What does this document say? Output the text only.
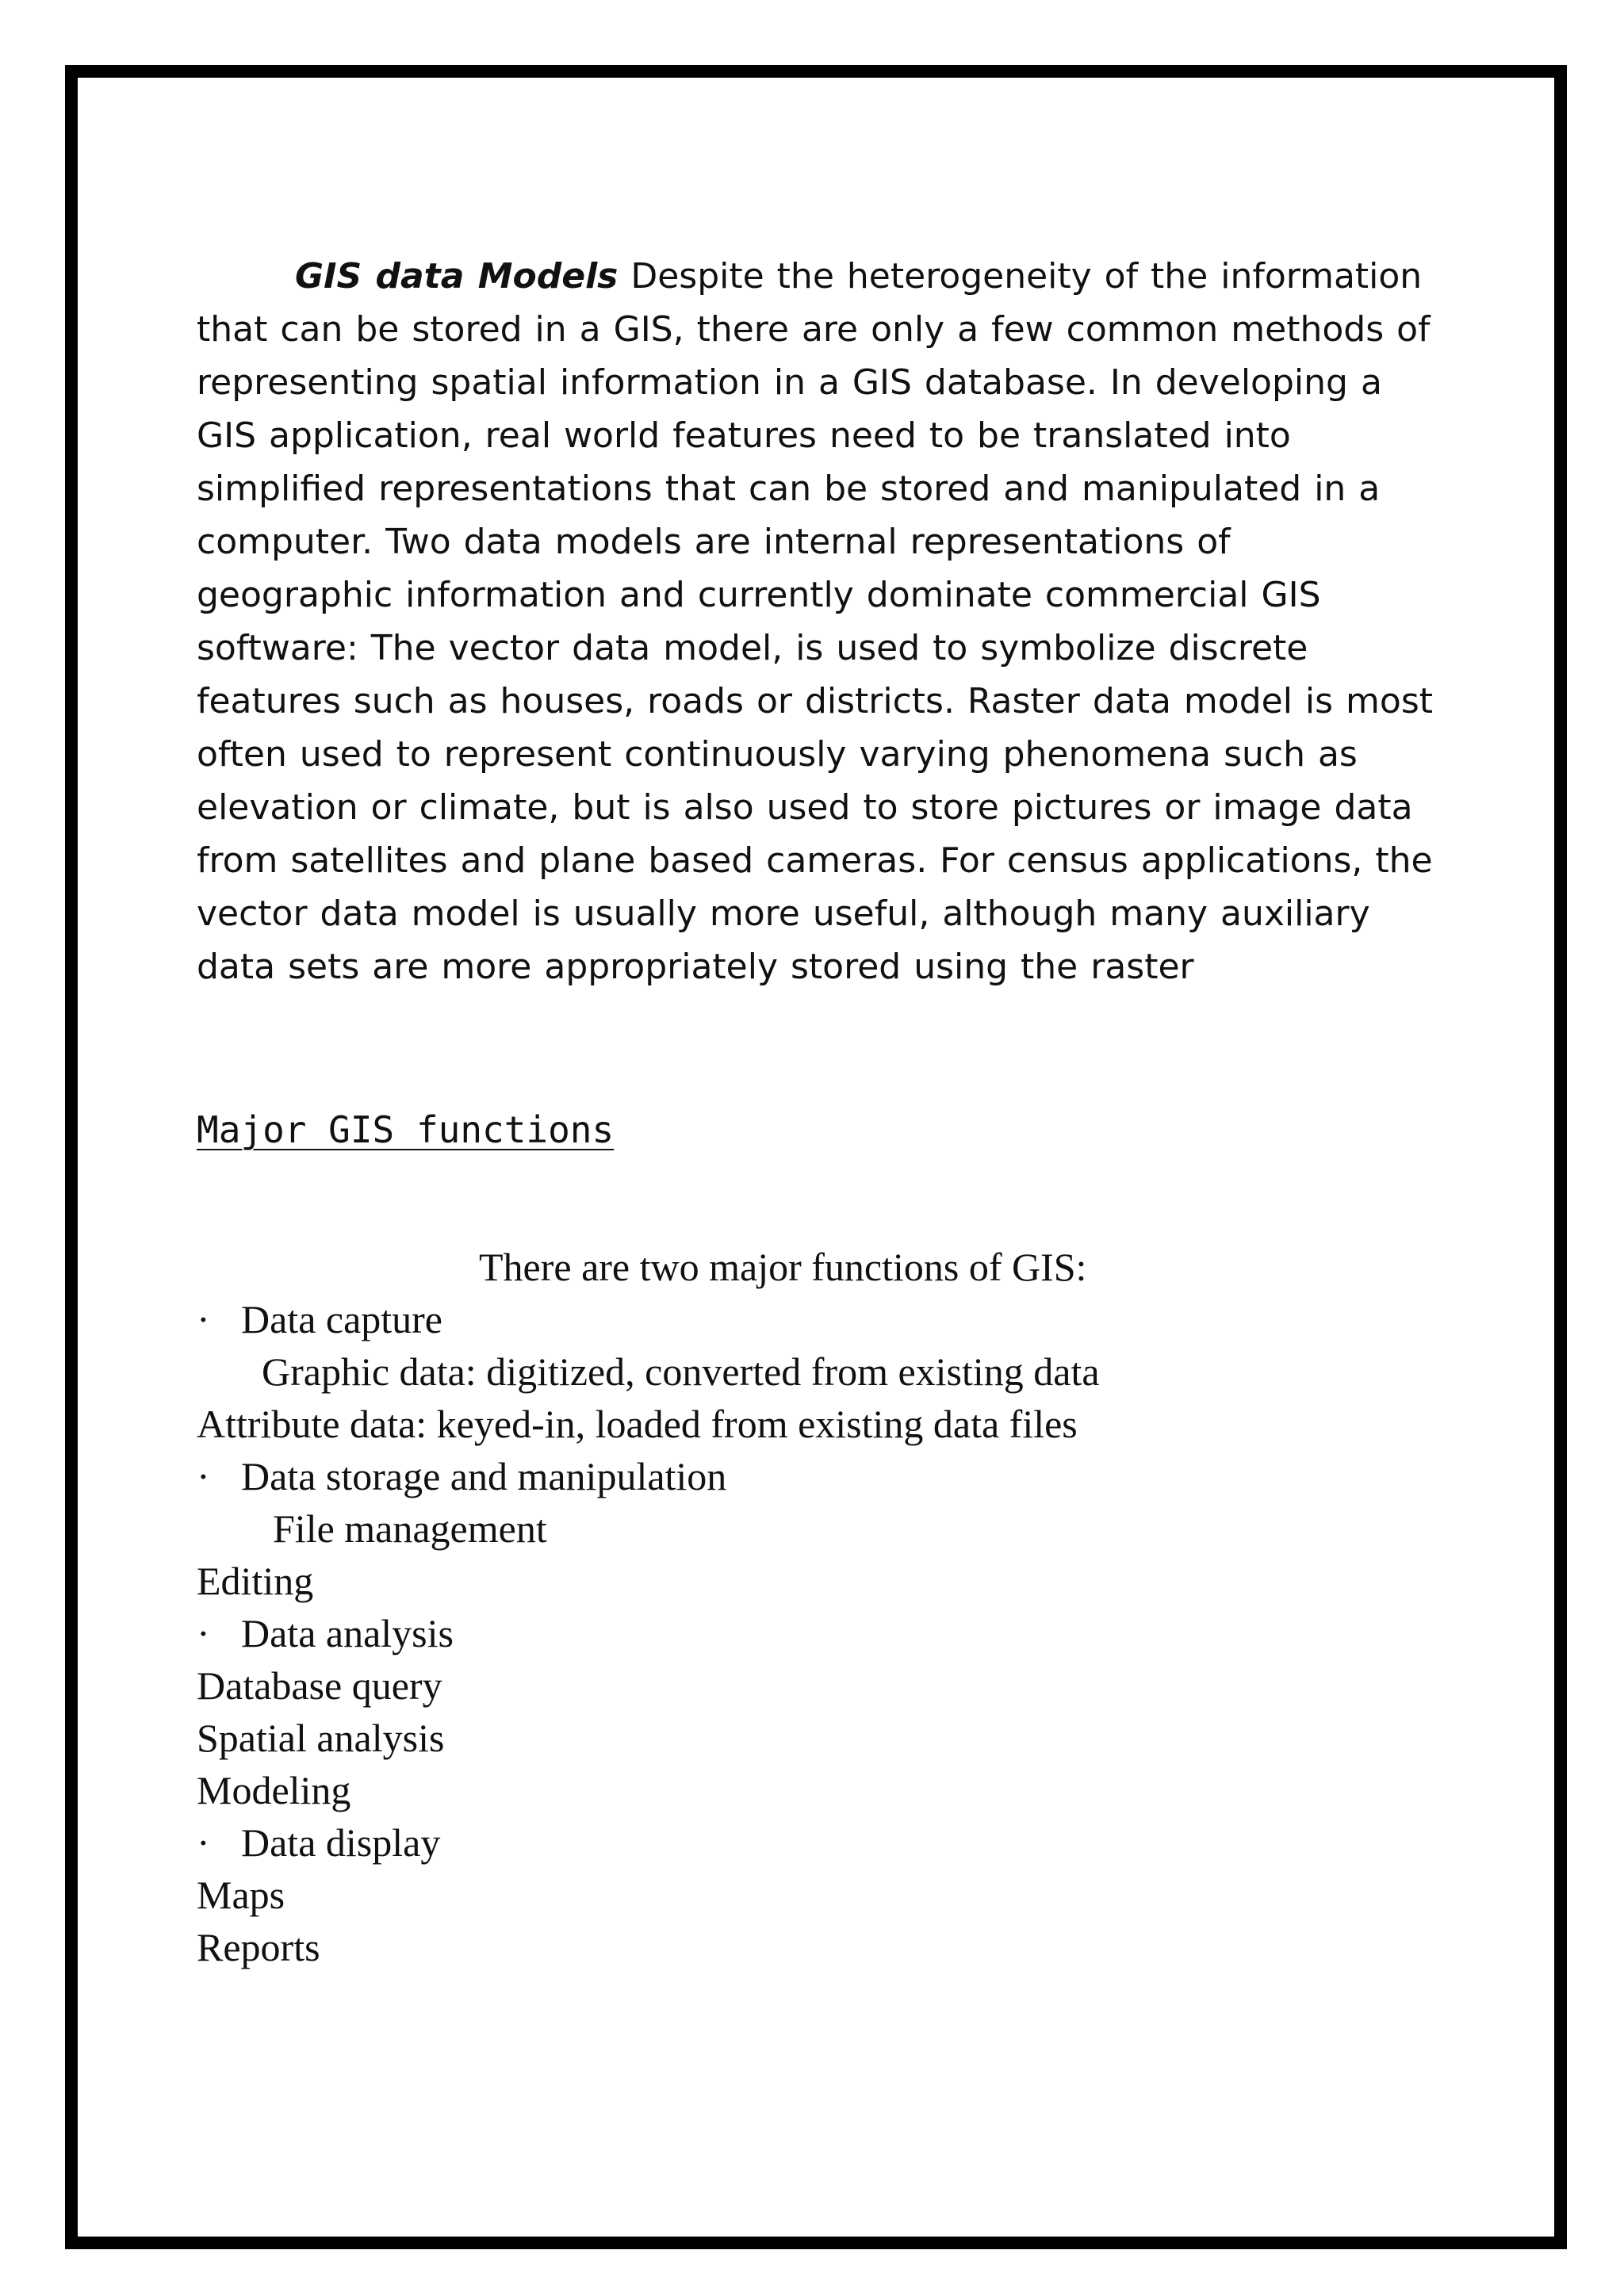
GIS data Models Despite the heterogeneity of the information
that can be stored in a GIS, there are only a few common methods of
representing spatial information in a GIS database. In developing a
GIS application, real world features need to be translated into
simplified representations that can be stored and manipulated in a
computer. Two data models are internal representations of
geographic information and currently dominate commercial GIS
software: The vector data model, is used to symbolize discrete
features such as houses, roads or districts. Raster data model is most
often used to represent continuously varying phenomena such as
elevation or climate, but is also used to store pictures or image data
from satellites and plane based cameras. For census applications, the
vector data model is usually more useful, although many auxiliary
data sets are more appropriately stored using the raster

Major GIS functions
There are two major functions of GIS:
· Data capture
Graphic data: digitized, converted from existing data
Attribute data: keyed-in, loaded from existing data files
· Data storage and manipulation
File management
Editing
· Data analysis
Database query
Spatial analysis
Modeling
· Data display
Maps
Reports
